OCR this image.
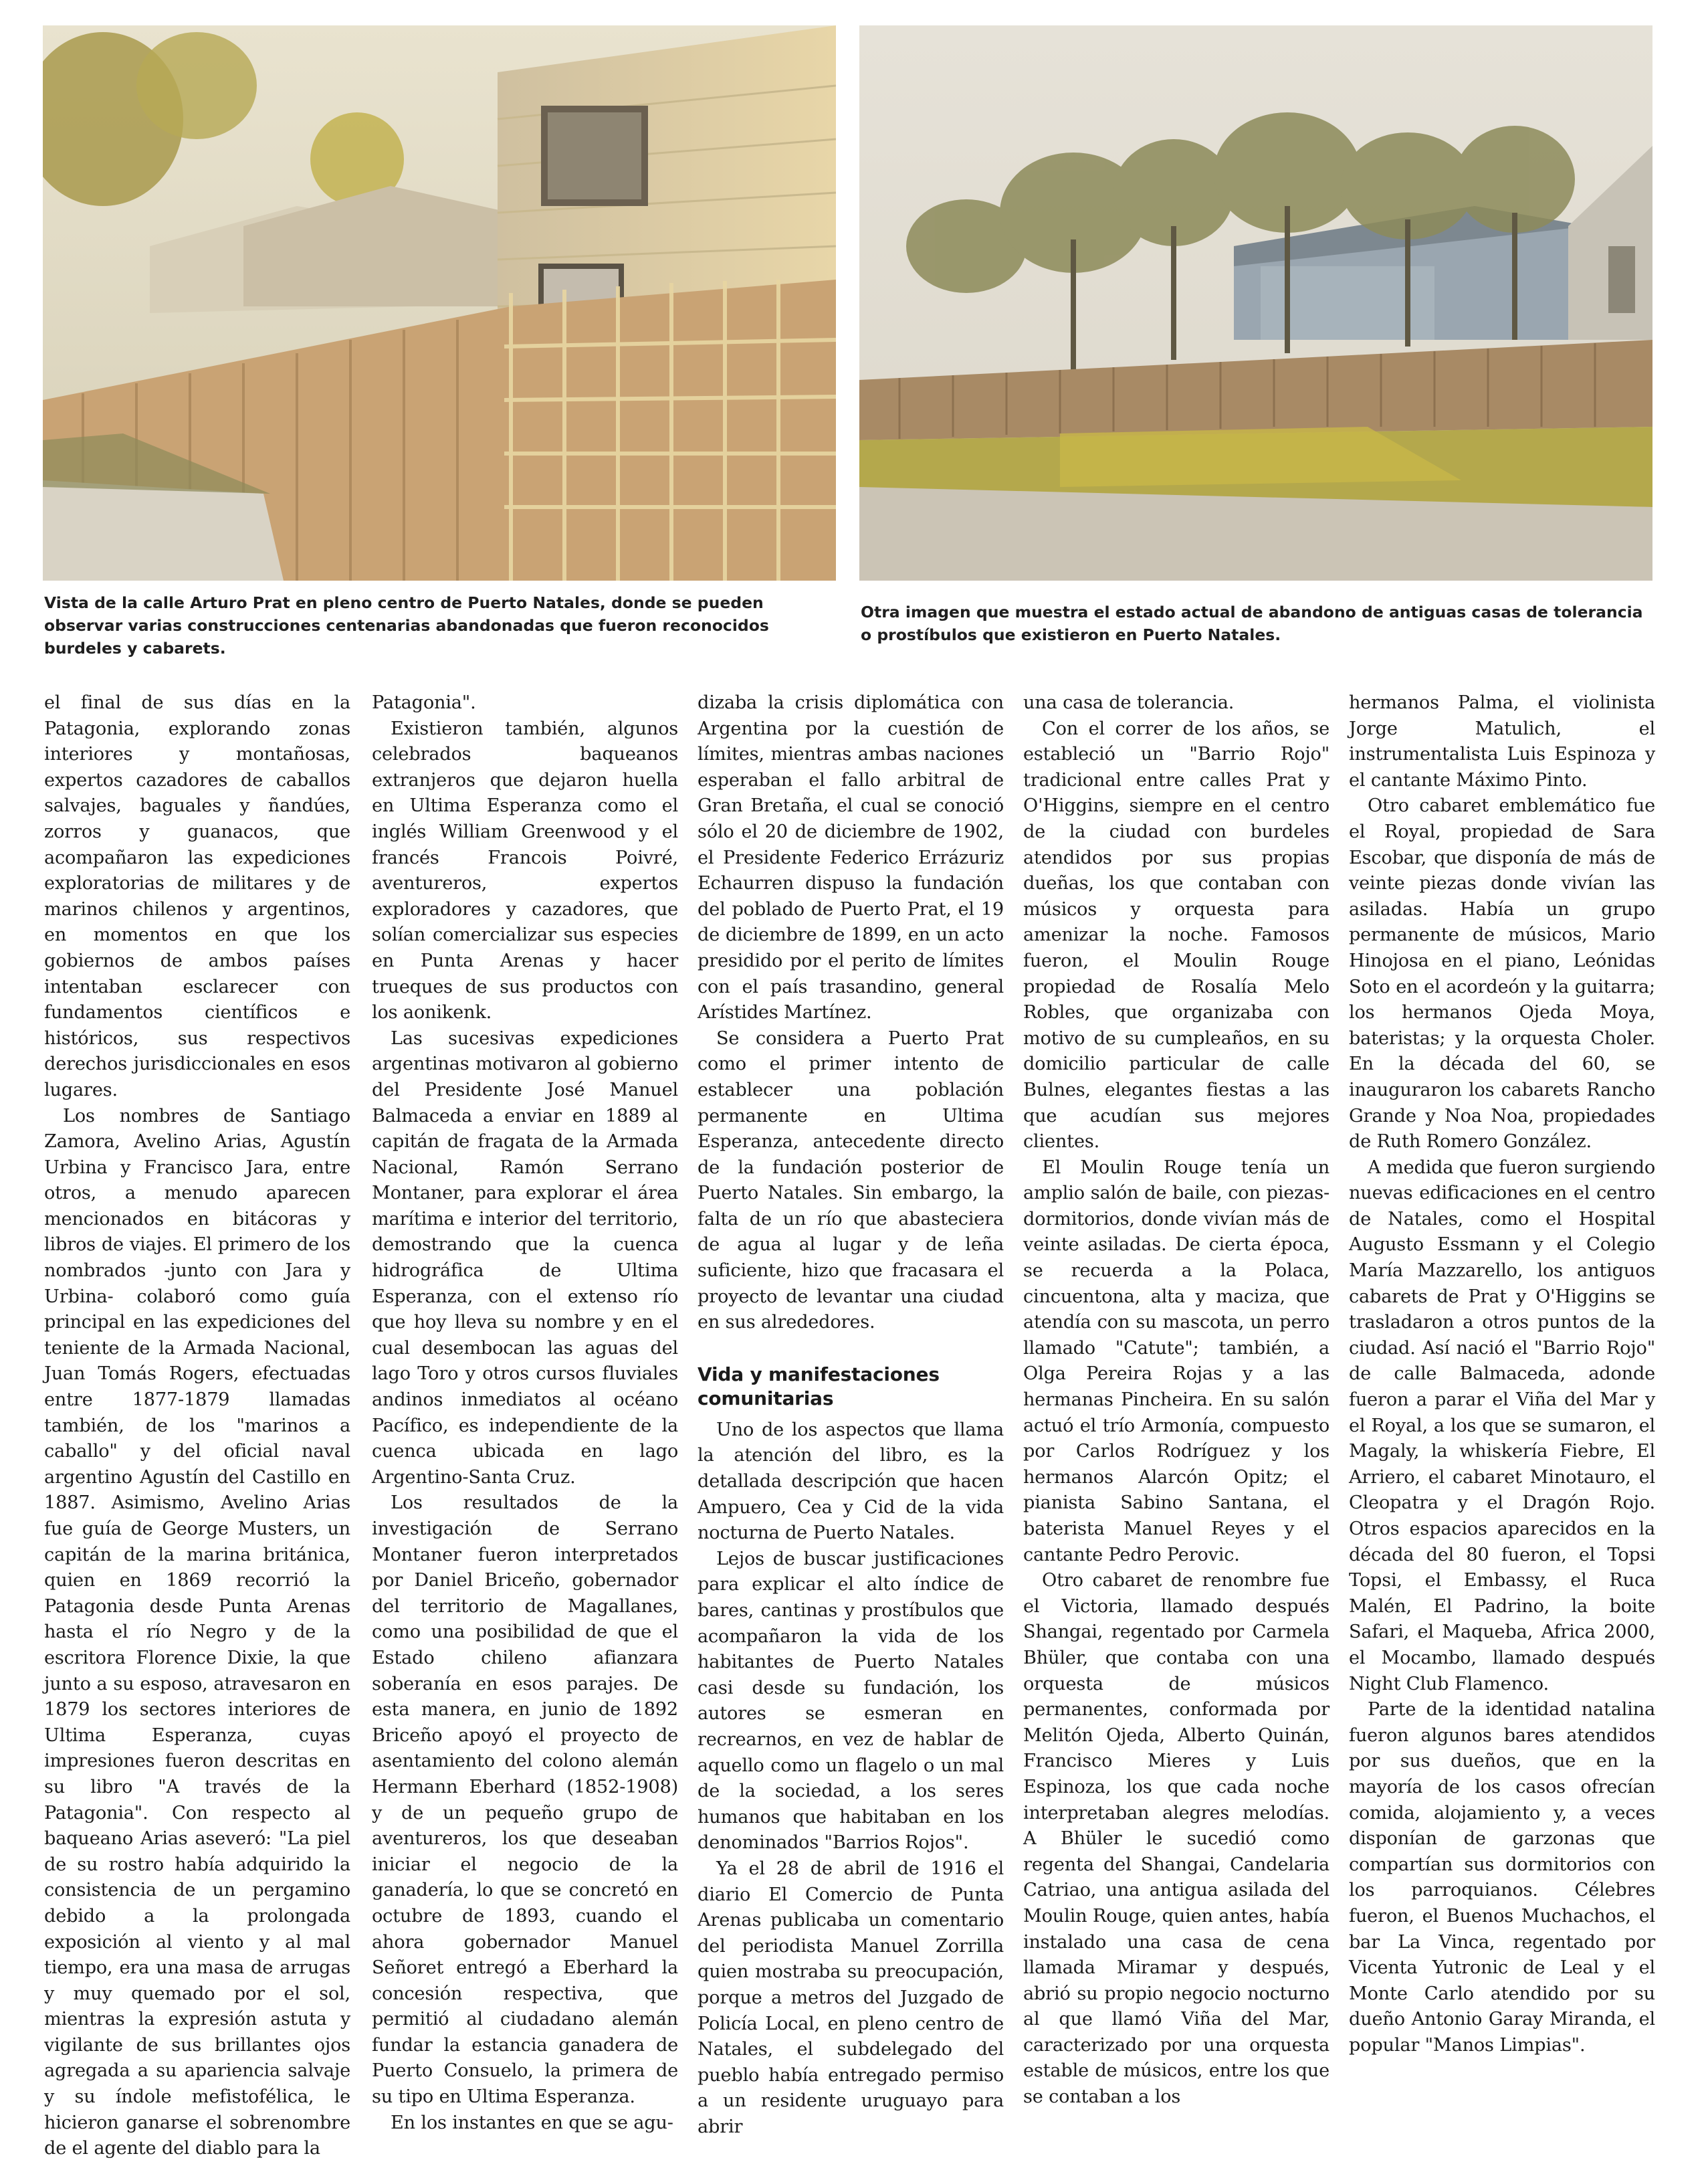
Vista de la calle Arturo Prat en pleno centro de Puerto Natales, donde se pueden observar varias construcciones centenarias abandonadas que fueron reconocidos burdeles y cabarets.
Otra imagen que muestra el estado actual de abandono de antiguas casas de tolerancia o prostíbulos que existieron en Puerto Natales.

el final de sus días en la Patagonia, explorando zonas interiores y montañosas, expertos cazadores de caballos salvajes, baguales y ñandúes, zorros y guanacos, que acompañaron las expediciones exploratorias de militares y de marinos chilenos y argentinos, en momentos en que los gobiernos de ambos países intentaban esclarecer con fundamentos científicos e históricos, sus respectivos derechos jurisdiccionales en esos lugares.

Los nombres de Santiago Zamora, Avelino Arias, Agustín Urbina y Francisco Jara, entre otros, a menudo aparecen mencionados en bitácoras y libros de viajes. El primero de los nombrados -junto con Jara y Urbina- colaboró como guía principal en las expediciones del teniente de la Armada Nacional, Juan Tomás Rogers, efectuadas entre 1877-1879 llamadas también, de los "marinos a caballo" y del oficial naval argentino Agustín del Castillo en 1887. Asimismo, Avelino Arias fue guía de George Musters, un capitán de la marina británica, quien en 1869 recorrió la Patagonia desde Punta Arenas hasta el río Negro y de la escritora Florence Dixie, la que junto a su esposo, atravesaron en 1879 los sectores interiores de Ultima Esperanza, cuyas impresiones fueron descritas en su libro "A través de la Patagonia". Con respecto al baqueano Arias aseveró: "La piel de su rostro había adquirido la consistencia de un pergamino debido a la prolongada exposición al viento y al mal tiempo, era una masa de arrugas y muy quemado por el sol, mientras la expresión astuta y vigilante de sus brillantes ojos agregada a su apariencia salvaje y su índole mefistofélica, le hicieron ganarse el sobrenombre de el agente del diablo para la

Patagonia".

Existieron también, algunos celebrados baqueanos extranjeros que dejaron huella en Ultima Esperanza como el inglés William Greenwood y el francés Francois Poivré, aventureros, expertos exploradores y cazadores, que solían comercializar sus especies en Punta Arenas y hacer trueques de sus productos con los aonikenk.

Las sucesivas expediciones argentinas motivaron al gobierno del Presidente José Manuel Balmaceda a enviar en 1889 al capitán de fragata de la Armada Nacional, Ramón Serrano Montaner, para explorar el área marítima e interior del territorio, demostrando que la cuenca hidrográfica de Ultima Esperanza, con el extenso río que hoy lleva su nombre y en el cual desembocan las aguas del lago Toro y otros cursos fluviales andinos inmediatos al océano Pacífico, es independiente de la cuenca ubicada en lago Argentino-Santa Cruz.

Los resultados de la investigación de Serrano Montaner fueron interpretados por Daniel Briceño, gobernador del territorio de Magallanes, como una posibilidad de que el Estado chileno afianzara soberanía en esos parajes. De esta manera, en junio de 1892 Briceño apoyó el proyecto de asentamiento del colono alemán Hermann Eberhard (1852-1908) y de un pequeño grupo de aventureros, los que deseaban iniciar el negocio de la ganadería, lo que se concretó en octubre de 1893, cuando el ahora gobernador Manuel Señoret entregó a Eberhard la concesión respectiva, que permitió al ciudadano alemán fundar la estancia ganadera de Puerto Consuelo, la primera de su tipo en Ultima Esperanza.

En los instantes en que se agu-

dizaba la crisis diplomática con Argentina por la cuestión de límites, mientras ambas naciones esperaban el fallo arbitral de Gran Bretaña, el cual se conoció sólo el 20 de diciembre de 1902, el Presidente Federico Errázuriz Echaurren dispuso la fundación del poblado de Puerto Prat, el 19 de diciembre de 1899, en un acto presidido por el perito de límites con el país trasandino, general Arístides Martínez.

Se considera a Puerto Prat como el primer intento de establecer una población permanente en Ultima Esperanza, antecedente directo de la fundación posterior de Puerto Natales. Sin embargo, la falta de un río que abasteciera de agua al lugar y de leña suficiente, hizo que fracasara el proyecto de levantar una ciudad en sus alrededores.

Vida y manifestaciones comunitarias

Uno de los aspectos que llama la atención del libro, es la detallada descripción que hacen Ampuero, Cea y Cid de la vida nocturna de Puerto Natales.

Lejos de buscar justificaciones para explicar el alto índice de bares, cantinas y prostíbulos que acompañaron la vida de los habitantes de Puerto Natales casi desde su fundación, los autores se esmeran en recrearnos, en vez de hablar de aquello como un flagelo o un mal de la sociedad, a los seres humanos que habitaban en los denominados "Barrios Rojos".

Ya el 28 de abril de 1916 el diario El Comercio de Punta Arenas publicaba un comentario del periodista Manuel Zorrilla quien mostraba su preocupación, porque a metros del Juzgado de Policía Local, en pleno centro de Natales, el subdelegado del pueblo había entregado permiso a un residente uruguayo para abrir

una casa de tolerancia.

Con el correr de los años, se estableció un "Barrio Rojo" tradicional entre calles Prat y O'Higgins, siempre en el centro de la ciudad con burdeles atendidos por sus propias dueñas, los que contaban con músicos y orquesta para amenizar la noche. Famosos fueron, el Moulin Rouge propiedad de Rosalía Melo Robles, que organizaba con motivo de su cumpleaños, en su domicilio particular de calle Bulnes, elegantes fiestas a las que acudían sus mejores clientes.

El Moulin Rouge tenía un amplio salón de baile, con piezas-dormitorios, donde vivían más de veinte asiladas. De cierta época, se recuerda a la Polaca, cincuentona, alta y maciza, que atendía con su mascota, un perro llamado "Catute"; también, a Olga Pereira Rojas y a las hermanas Pincheira. En su salón actuó el trío Armonía, compuesto por Carlos Rodríguez y los hermanos Alarcón Opitz; el pianista Sabino Santana, el baterista Manuel Reyes y el cantante Pedro Perovic.

Otro cabaret de renombre fue el Victoria, llamado después Shangai, regentado por Carmela Bhüler, que contaba con una orquesta de músicos permanentes, conformada por Melitón Ojeda, Alberto Quinán, Francisco Mieres y Luis Espinoza, los que cada noche interpretaban alegres melodías. A Bhüler le sucedió como regenta del Shangai, Candelaria Catriao, una antigua asilada del Moulin Rouge, quien antes, había instalado una casa de cena llamada Miramar y después, abrió su propio negocio nocturno al que llamó Viña del Mar, caracterizado por una orquesta estable de músicos, entre los que se contaban a los

hermanos Palma, el violinista Jorge Matulich, el instrumentalista Luis Espinoza y el cantante Máximo Pinto.

Otro cabaret emblemático fue el Royal, propiedad de Sara Escobar, que disponía de más de veinte piezas donde vivían las asiladas. Había un grupo permanente de músicos, Mario Hinojosa en el piano, Leónidas Soto en el acordeón y la guitarra; los hermanos Ojeda Moya, bateristas; y la orquesta Choler. En la década del 60, se inauguraron los cabarets Rancho Grande y Noa Noa, propiedades de Ruth Romero González.

A medida que fueron surgiendo nuevas edificaciones en el centro de Natales, como el Hospital Augusto Essmann y el Colegio María Mazzarello, los antiguos cabarets de Prat y O'Higgins se trasladaron a otros puntos de la ciudad. Así nació el "Barrio Rojo" de calle Balmaceda, adonde fueron a parar el Viña del Mar y el Royal, a los que se sumaron, el Magaly, la whiskería Fiebre, El Arriero, el cabaret Minotauro, el Cleopatra y el Dragón Rojo. Otros espacios aparecidos en la década del 80 fueron, el Topsi Topsi, el Embassy, el Ruca Malén, El Padrino, la boite Safari, el Maqueba, Africa 2000, el Mocambo, llamado después Night Club Flamenco.

Parte de la identidad natalina fueron algunos bares atendidos por sus dueños, que en la mayoría de los casos ofrecían comida, alojamiento y, a veces disponían de garzonas que compartían sus dormitorios con los parroquianos. Célebres fueron, el Buenos Muchachos, el bar La Vinca, regentado por Vicenta Yutronic de Leal y el Monte Carlo atendido por su dueño Antonio Garay Miranda, el popular "Manos Limpias".
